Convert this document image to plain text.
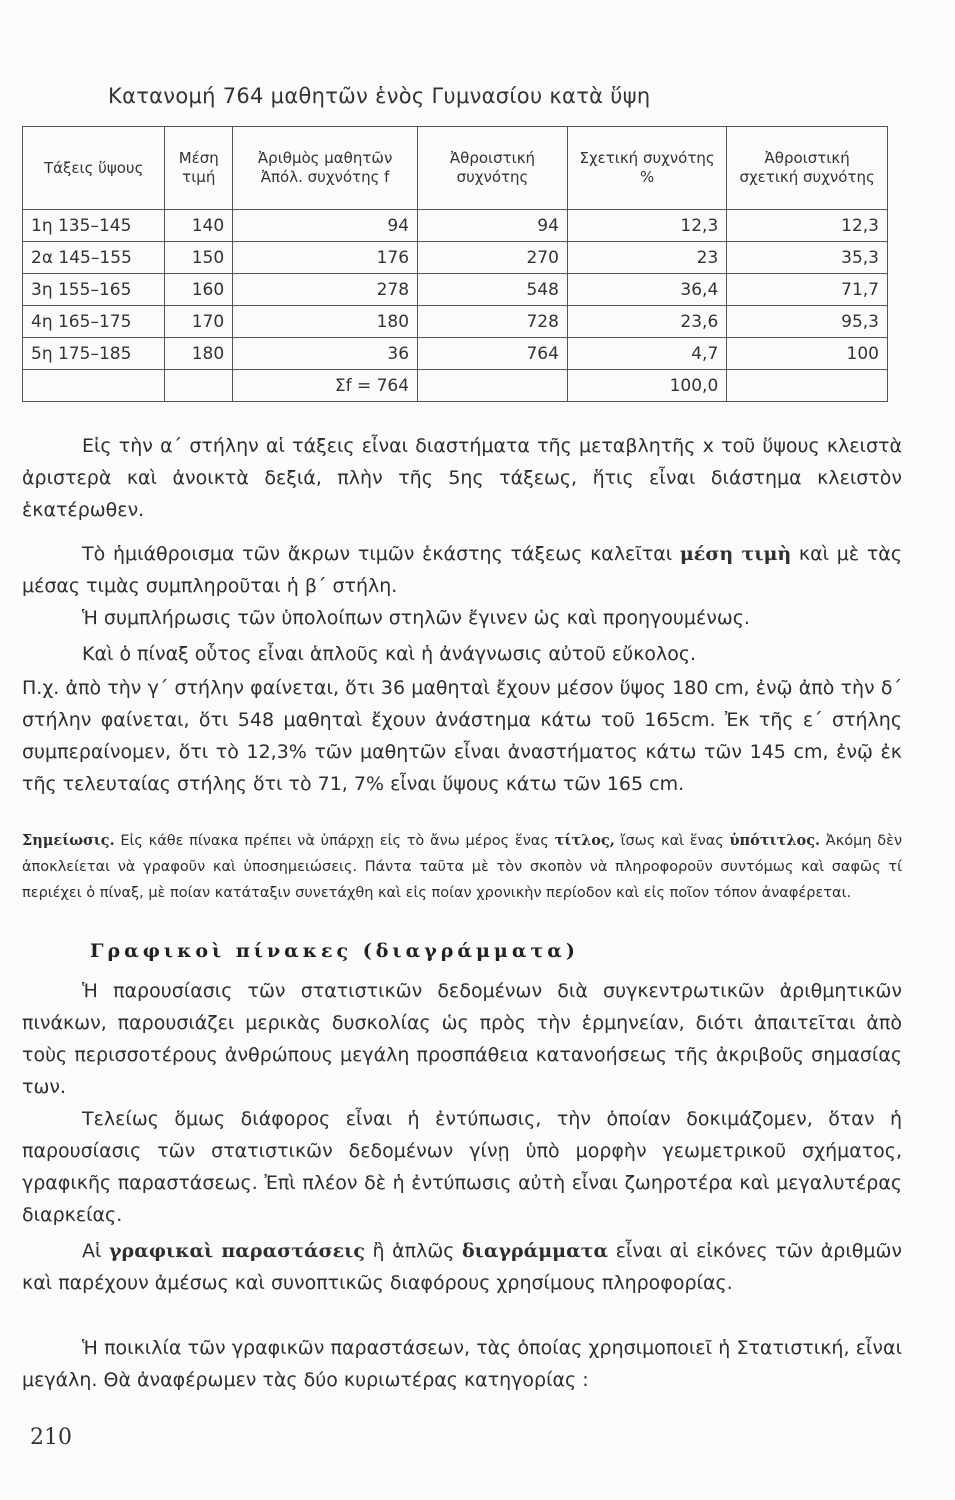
Κατανομή 764 μαθητῶν ἑνὸς Γυμνασίου κατὰ ὕψη
Τάξεις ὕψους	Μέση τιμή	Ἀριθμὸς μαθητῶν Ἀπόλ. συχνότης f	Ἀθροιστική συχνότης	Σχετική συχνότης %	Ἀθροιστική σχετική συχνότης
1η 135–145	140	94	94	12,3	12,3
2α 145–155	150	176	270	23	35,3
3η 155–165	160	278	548	36,4	71,7
4η 165–175	170	180	728	23,6	95,3
5η 175–185	180	36	764	4,7	100
		Σf = 764		100,0	
Εἰς τὴν α΄ στήλην αἱ τάξεις εἶναι διαστήματα τῆς μεταβλητῆς x τοῦ ὕψους κλειστὰ ἀριστερὰ καὶ ἀνοικτὰ δεξιά, πλὴν τῆς 5ης τάξεως, ἥτις εἶναι διάστημα κλειστὸν ἑκατέρωθεν.
Τὸ ἡμιάθροισμα τῶν ἄκρων τιμῶν ἑκάστης τάξεως καλεῖται μέση τιμὴ καὶ μὲ τὰς μέσας τιμὰς συμπληροῦται ἡ β΄ στήλη.
Ἡ συμπλήρωσις τῶν ὑπολοίπων στηλῶν ἔγινεν ὡς καὶ προηγουμένως.
Καὶ ὁ πίναξ οὗτος εἶναι ἁπλοῦς καὶ ἡ ἀνάγνωσις αὐτοῦ εὔκολος.
Π.χ. ἀπὸ τὴν γ΄ στήλην φαίνεται, ὅτι 36 μαθηταὶ ἔχουν μέσον ὕψος 180 cm, ἐνῷ ἀπὸ τὴν δ΄ στήλην φαίνεται, ὅτι 548 μαθηταὶ ἔχουν ἀνάστημα κάτω τοῦ 165cm. Ἐκ τῆς ε΄ στήλης συμπεραίνομεν, ὅτι τὸ 12,3% τῶν μαθητῶν εἶναι ἀναστήματος κάτω τῶν 145 cm, ἐνῷ ἐκ τῆς τελευταίας στήλης ὅτι τὸ 71, 7% εἶναι ὕψους κάτω τῶν 165 cm.
Σημείωσις. Εἰς κάθε πίνακα πρέπει νὰ ὑπάρχῃ εἰς τὸ ἄνω μέρος ἕνας τίτλος, ἴσως καὶ ἕνας ὑπότιτλος. Ἀκόμη δὲν ἀποκλείεται νὰ γραφοῦν καὶ ὑποσημειώσεις. Πάντα ταῦτα μὲ τὸν σκοπὸν νὰ πληροφοροῦν συντόμως καὶ σαφῶς τί περιέχει ὁ πίναξ, μὲ ποίαν κατάταξιν συνετάχθη καὶ εἰς ποίαν χρονικὴν περίοδον καὶ εἰς ποῖον τόπον ἀναφέρεται.
Γραφικοὶ πίνακες (διαγράμματα)
Ἡ παρουσίασις τῶν στατιστικῶν δεδομένων διὰ συγκεντρωτικῶν ἀριθμητικῶν πινάκων, παρουσιάζει μερικὰς δυσκολίας ὡς πρὸς τὴν ἑρμηνείαν, διότι ἀπαιτεῖται ἀπὸ τοὺς περισσοτέρους ἀνθρώπους μεγάλη προσπάθεια κατανοήσεως τῆς ἀκριβοῦς σημασίας των.
Τελείως ὅμως διάφορος εἶναι ἡ ἐντύπωσις, τὴν ὁποίαν δοκιμάζομεν, ὅταν ἡ παρουσίασις τῶν στατιστικῶν δεδομένων γίνῃ ὑπὸ μορφὴν γεωμετρικοῦ σχήματος, γραφικῆς παραστάσεως. Ἐπὶ πλέον δὲ ἡ ἐντύπωσις αὐτὴ εἶναι ζωηροτέρα καὶ μεγαλυτέρας διαρκείας.
Αἱ γραφικαὶ παραστάσεις ἢ ἁπλῶς διαγράμματα εἶναι αἱ εἰκόνες τῶν ἀριθμῶν καὶ παρέχουν ἀμέσως καὶ συνοπτικῶς διαφόρους χρησίμους πληροφορίας.
Ἡ ποικιλία τῶν γραφικῶν παραστάσεων, τὰς ὁποίας χρησιμοποιεῖ ἡ Στατιστική, εἶναι μεγάλη. Θὰ ἀναφέρωμεν τὰς δύο κυριωτέρας κατηγορίας :
210
